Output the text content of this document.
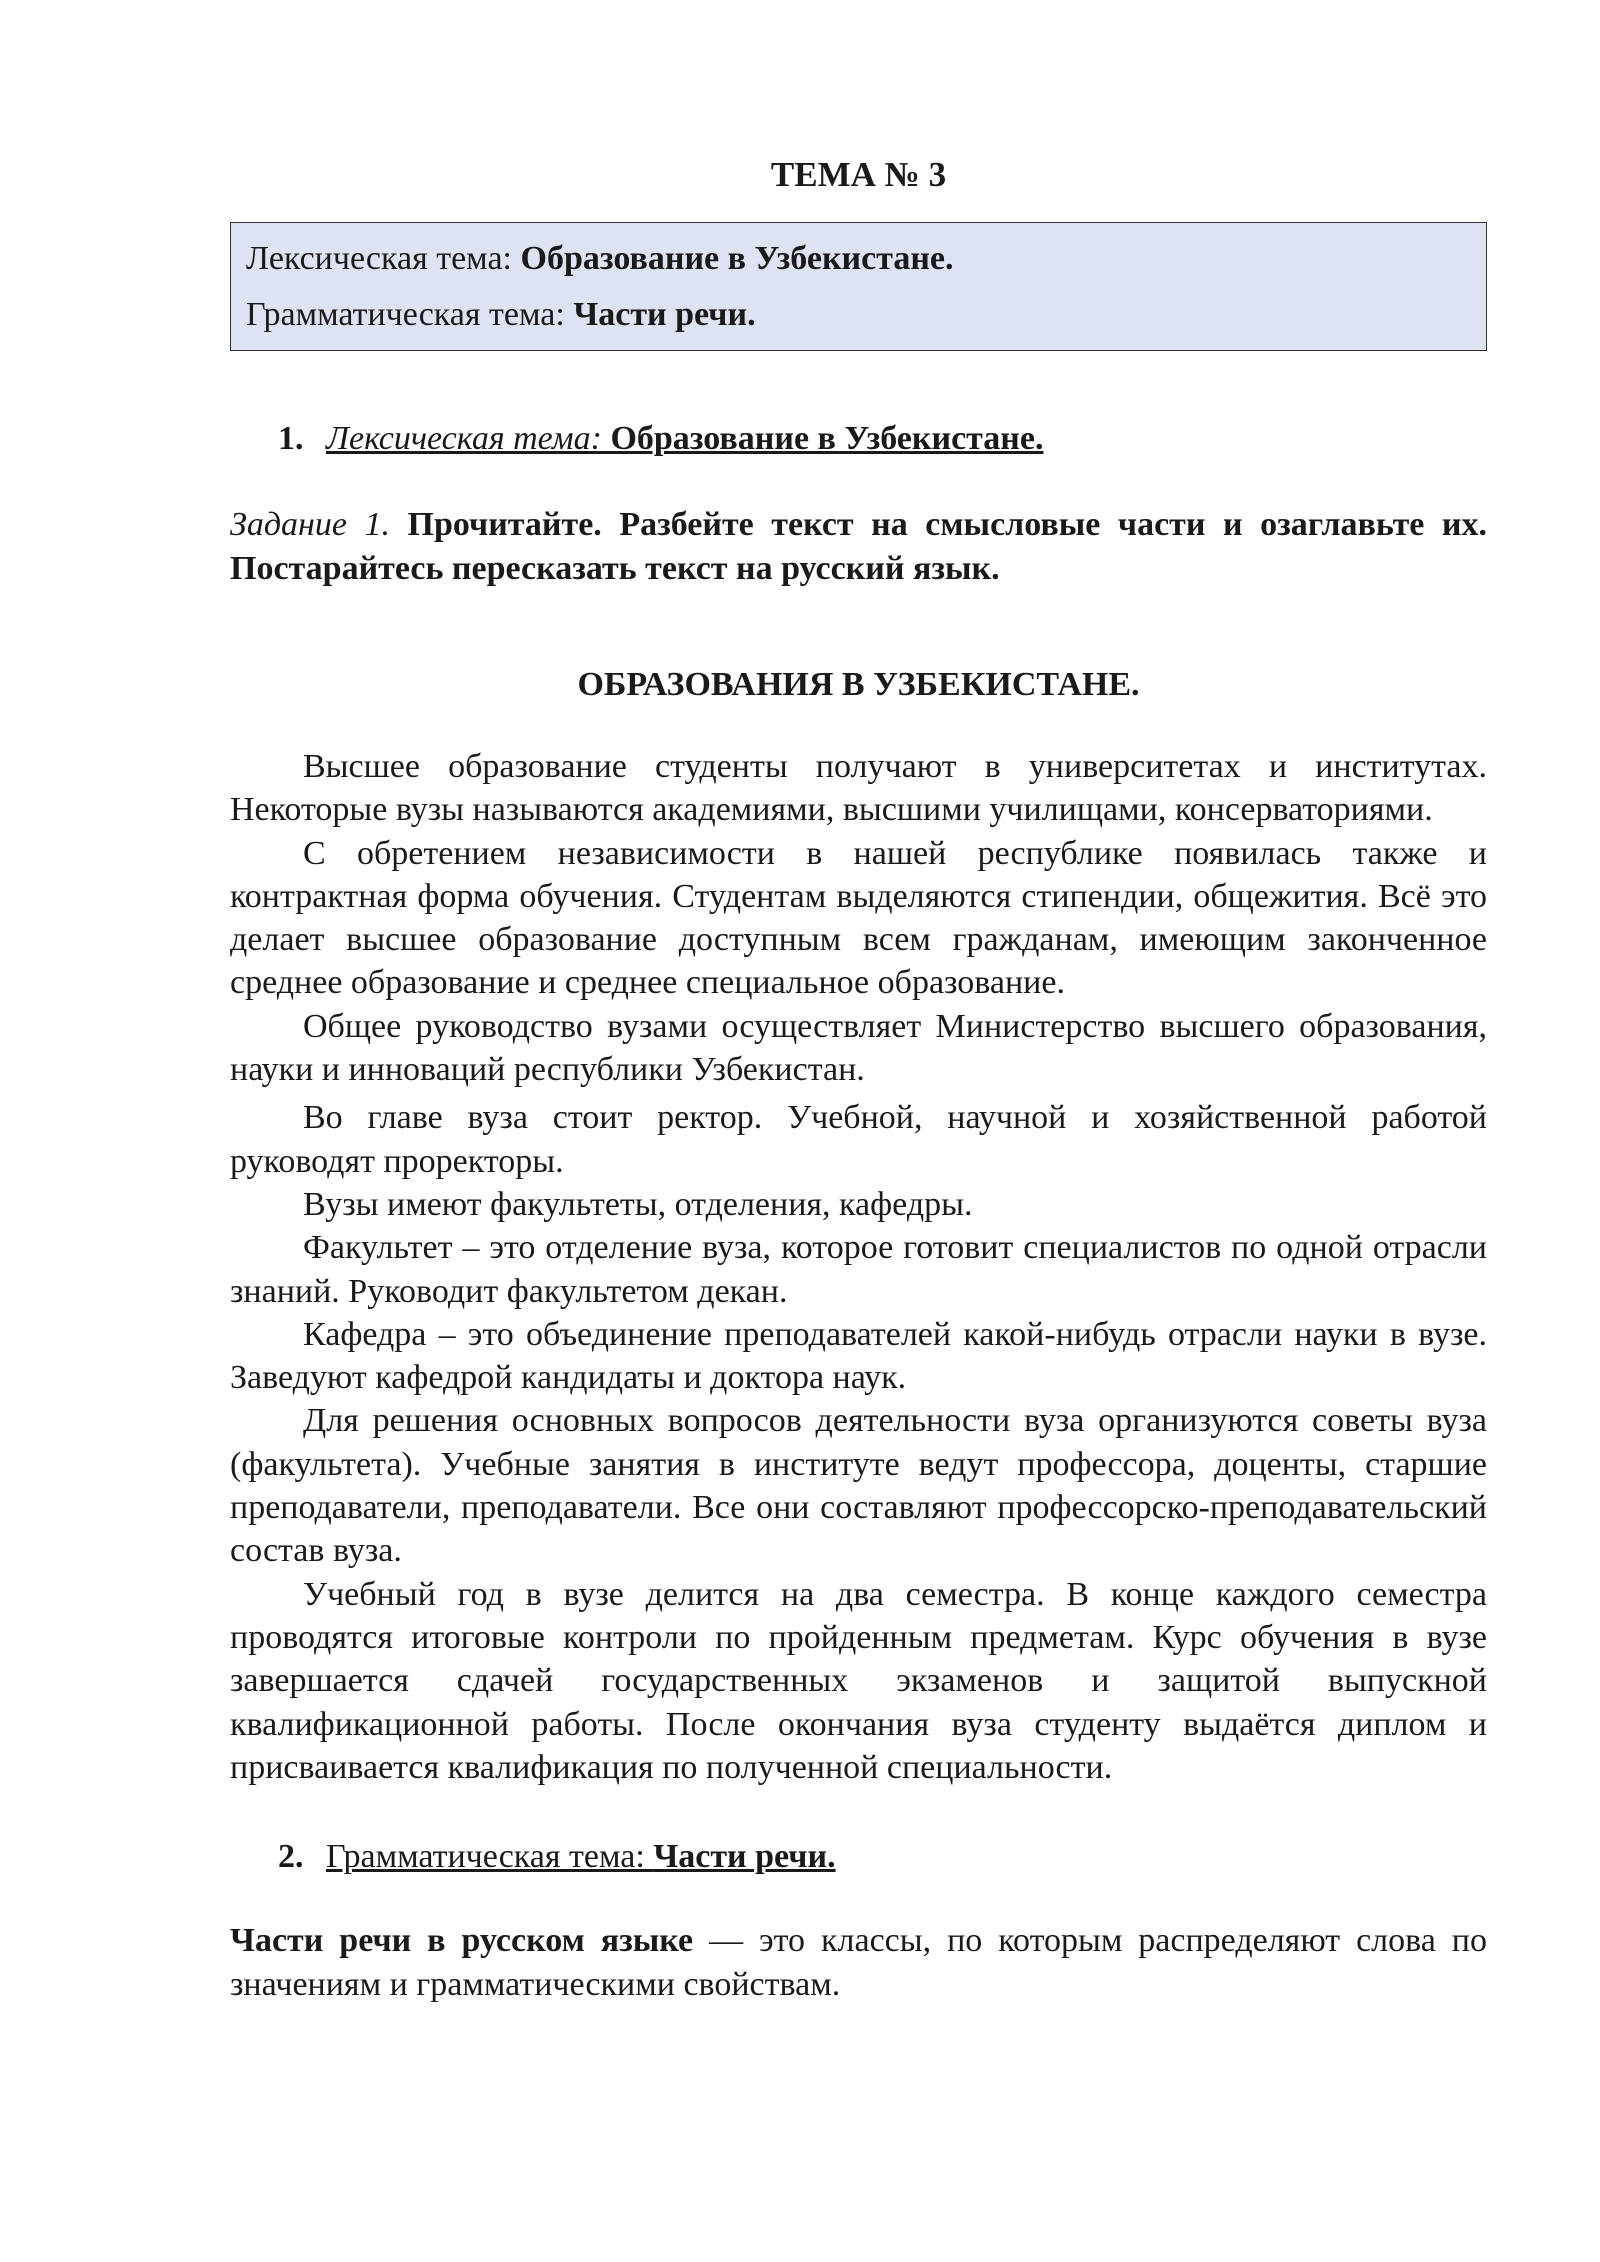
ТЕМА № 3

Лексическая тема: Образование в Узбекистане.

Грамматическая тема: Части речи.

1. Лексическая тема: Образование в Узбекистане.
Задание 1. Прочитайте. Разбейте текст на смысловые части и озаглавьте их. Постарайтесь пересказать текст на русский язык.
ОБРАЗОВАНИЯ В УЗБЕКИСТАНЕ.

Высшее образование студенты получают в университетах и институтах. Некоторые вузы называются академиями, высшими училищами, консерваториями.

С обретением независимости в нашей республике появилась также и контрактная форма обучения. Студентам выделяются стипендии, общежития. Всё это делает высшее образование доступным всем гражданам, имеющим законченное среднее образование и среднее специальное образование.

Общее руководство вузами осуществляет Министерство высшего образования, науки и инноваций республики Узбекистан.

Во главе вуза стоит ректор. Учебной, научной и хозяйственной работой руководят проректоры.

Вузы имеют факультеты, отделения, кафедры.

Факультет – это отделение вуза, которое готовит специалистов по одной отрасли знаний. Руководит факультетом декан.

Кафедра – это объединение преподавателей какой-нибудь отрасли науки в вузе. Заведуют кафедрой кандидаты и доктора наук.

Для решения основных вопросов деятельности вуза организуются советы вуза (факультета). Учебные занятия в институте ведут профессора, доценты, старшие преподаватели, преподаватели. Все они составляют профессорско-преподавательский состав вуза.

Учебный год в вузе делится на два семестра. В конце каждого семестра проводятся итоговые контроли по пройденным предметам. Курс обучения в вузе завершается сдачей государственных экзаменов и защитой выпускной квалификационной работы. После окончания вуза студенту выдаётся диплом и присваивается квалификация по полученной специальности.

2. Грамматическая тема: Части речи.
Части речи в русском языке — это классы, по которым распределяют слова по значениям и грамматическими свойствам.
